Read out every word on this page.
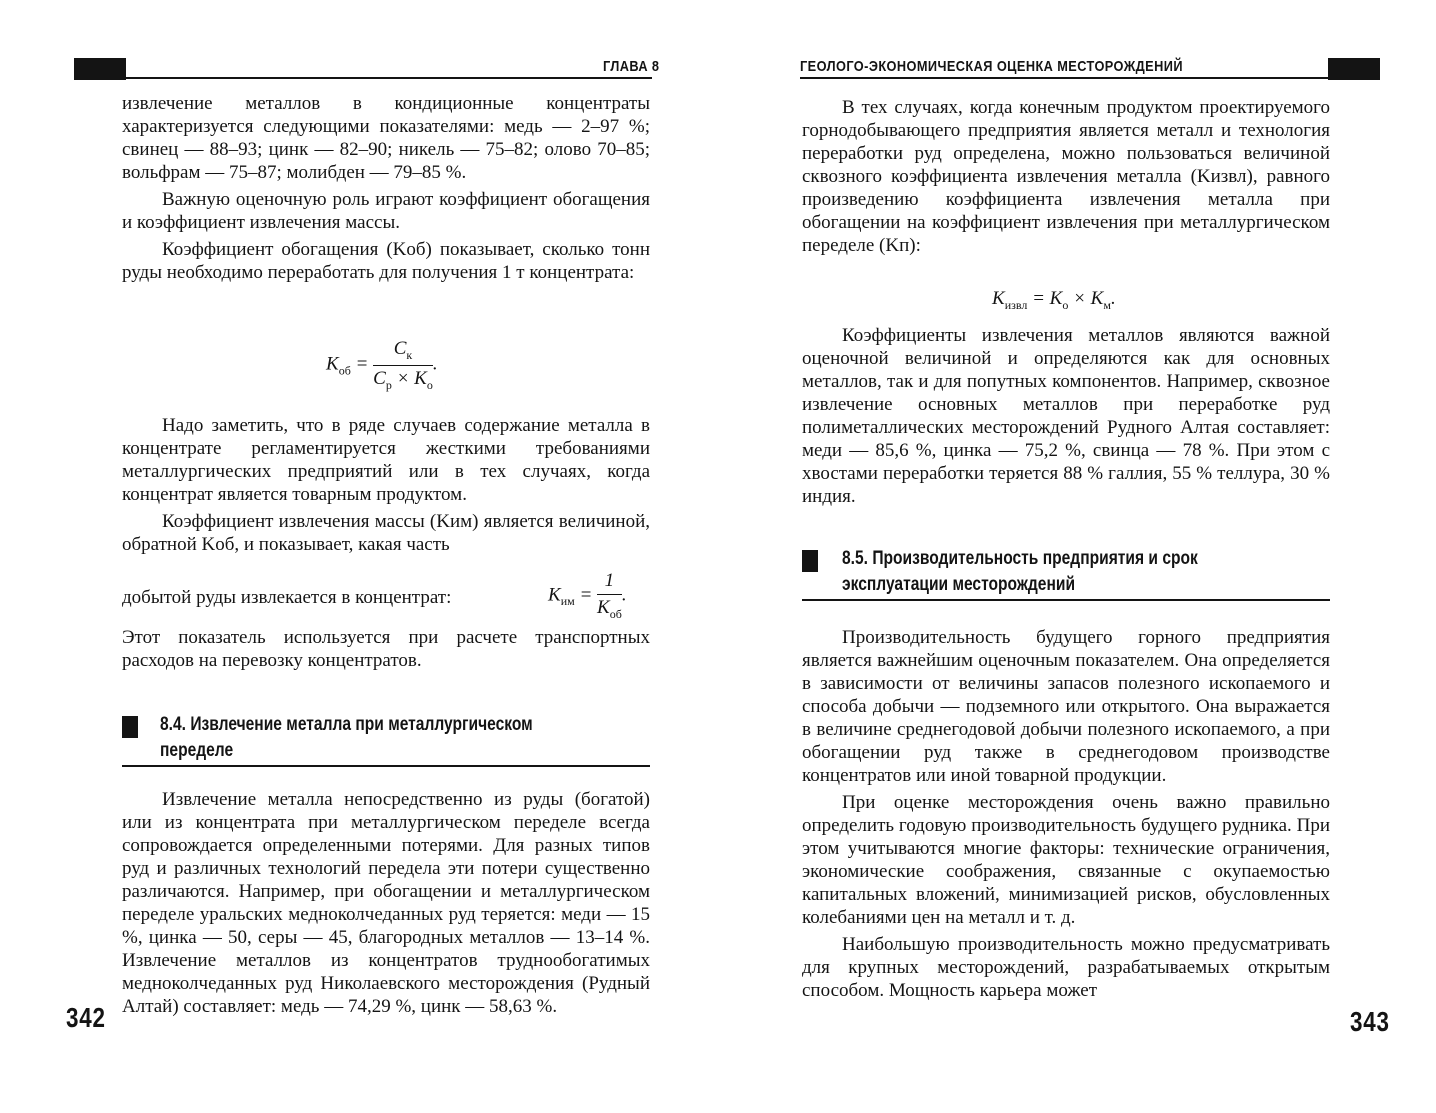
ГЛАВА 8

извлечение металлов в кондиционные концентраты характеризуется следующими показателями: медь — 2–97 %; свинец — 88–93; цинк — 82–90; никель — 75–82; олово 70–85; вольфрам — 75–87; молибден — 79–85 %.

Важную оценочную роль играют коэффициент обогащения и коэффициент извлечения массы.

Коэффициент обогащения (Kоб) показывает, сколько тонн руды необходимо переработать для получения 1 т концентрата:

$K_{об} = \frac{C_к}{C_р \times K_о}$ .

Надо заметить, что в ряде случаев содержание металла в концентрате регламентируется жесткими требованиями металлургических предприятий или в тех случаях, когда концентрат является товарным продуктом.

Коэффициент извлечения массы (Kим) является величиной, обратной Kоб, и показывает, какая часть

добытой руды извлекается в концентрат:	$K_{им} = \frac{1}{K_{об}}$ .

Этот показатель используется при расчете транспортных расходов на перевозку концентратов.

8.4. Извлечение металла при металлургическом
переделе

Извлечение металла непосредственно из руды (богатой) или из концентрата при металлургическом переделе всегда сопровождается определенными потерями. Для разных типов руд и различных технологий передела эти потери существенно различаются. Например, при обогащении и металлургическом переделе уральских медноколчеданных руд теряется: меди — 15 %, цинка — 50, серы — 45, благородных металлов — 13–14 %. Извлечение металлов из концентратов труднообогатимых медноколчеданных руд Николаевского месторождения (Рудный Алтай) составляет: медь — 74,29 %, цинк — 58,63 %.

342
ГЕОЛОГО-ЭКОНОМИЧЕСКАЯ ОЦЕНКА МЕСТОРОЖДЕНИЙ

В тех случаях, когда конечным продуктом проектируемого горнодобывающего предприятия является металл и технология переработки руд определена, можно пользоваться величиной сквозного коэффициента извлечения металла (Kизвл), равного произведению коэффициента извлечения металла при обогащении на коэффициент извлечения при металлургическом переделе (Kп):

$K_{извл} = K_о \times K_м$.

Коэффициенты извлечения металлов являются важной оценочной величиной и определяются как для основных металлов, так и для попутных компонентов. Например, сквозное извлечение основных металлов при переработке руд полиметаллических месторождений Рудного Алтая составляет: меди — 85,6 %, цинка — 75,2 %, свинца — 78 %. При этом с хвостами переработки теряется 88 % галлия, 55 % теллура, 30 % индия.

8.5. Производительность предприятия и срок
эксплуатации месторождений

Производительность будущего горного предприятия является важнейшим оценочным показателем. Она определяется в зависимости от величины запасов полезного ископаемого и способа добычи — подземного или открытого. Она выражается в величине среднегодовой добычи полезного ископаемого, а при обогащении руд также в среднегодовом производстве концентратов или иной товарной продукции.

При оценке месторождения очень важно правильно определить годовую производительность будущего рудника. При этом учитываются многие факторы: технические ограничения, экономические соображения, связанные с окупаемостью капитальных вложений, минимизацией рисков, обусловленных колебаниями цен на металл и т. д.

Наибольшую производительность можно предусматривать для крупных месторождений, разрабатываемых открытым способом. Мощность карьера может

343
